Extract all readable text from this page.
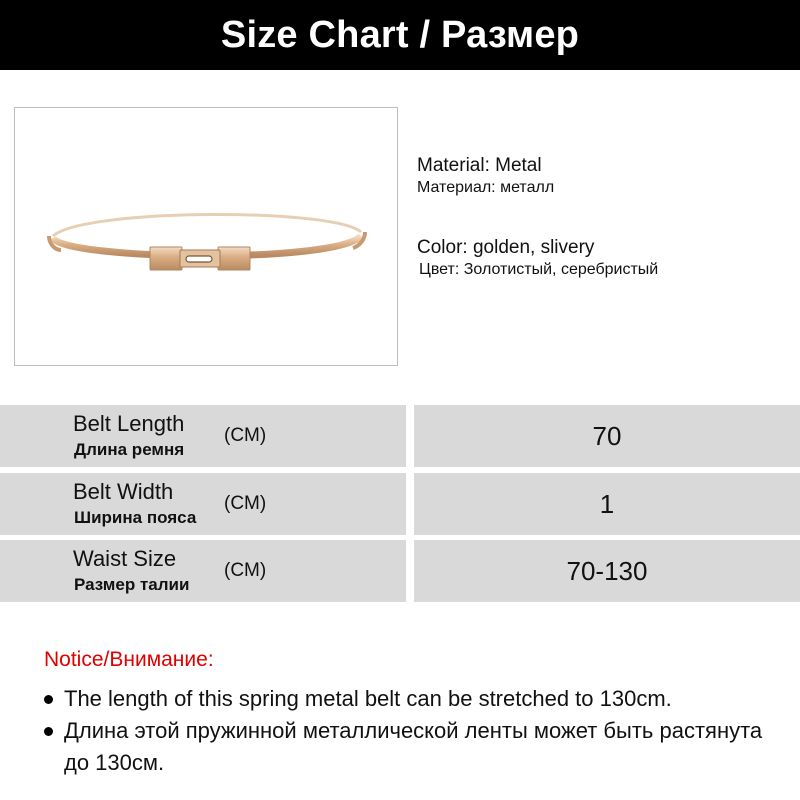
Size Chart / Размер
Material: Metal
Материал: металл
Color: golden, slivery
Цвет: Золотистый, серебристый
Belt Length
Длина ремня
(CM)	70
Belt Width
Ширина пояса
(CM)	1
Waist Size
Размер талии
(CM)	70-130
Notice/Внимание:
The length of this spring metal belt can be stretched to 130cm.
Длина этой пружинной металлической ленты может быть растянута до 130см.
